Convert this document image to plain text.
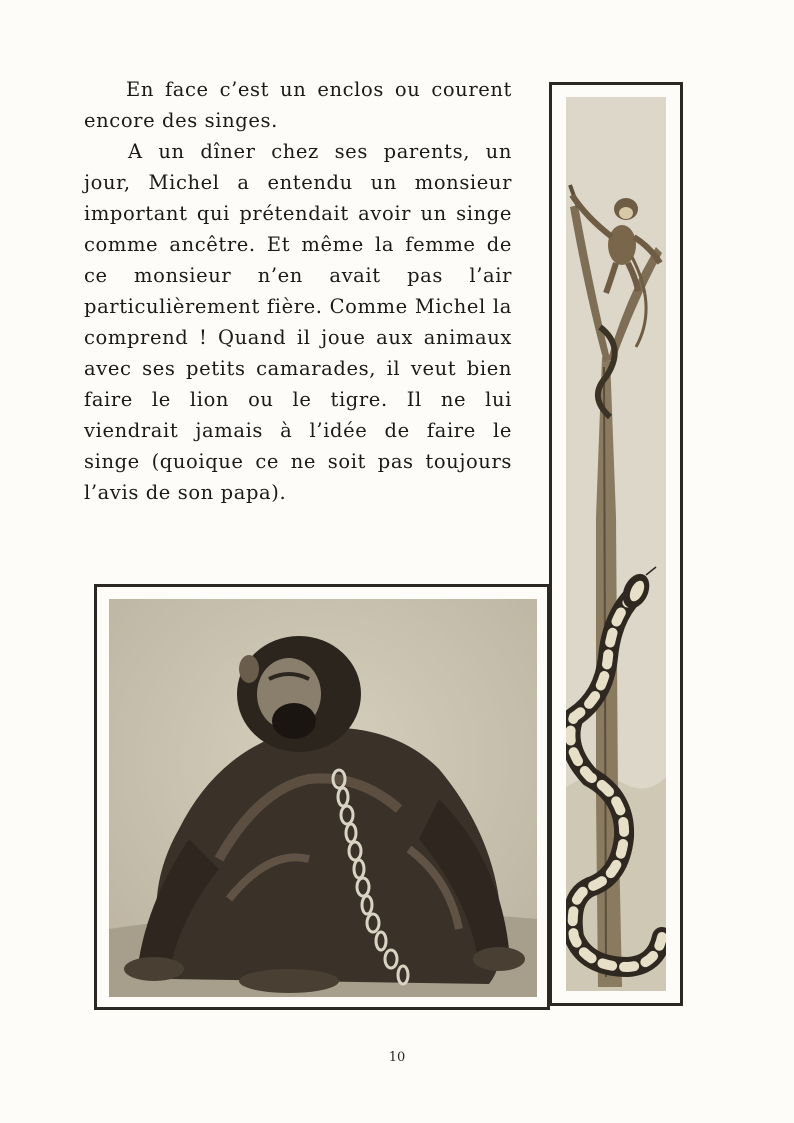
En face c’est un enclos ou courent encore des singes.

A un dîner chez ses parents, un jour, Michel a entendu un monsieur important qui prétendait avoir un singe comme ancêtre. Et même la femme de ce monsieur n’en avait pas l’air particulièrement fière. Comme Michel la comprend ! Quand il joue aux animaux avec ses petits camarades, il veut bien faire le lion ou le tigre. Il ne lui viendrait jamais à l’idée de faire le singe (quoique ce ne soit pas toujours l’avis de son papa).

10
